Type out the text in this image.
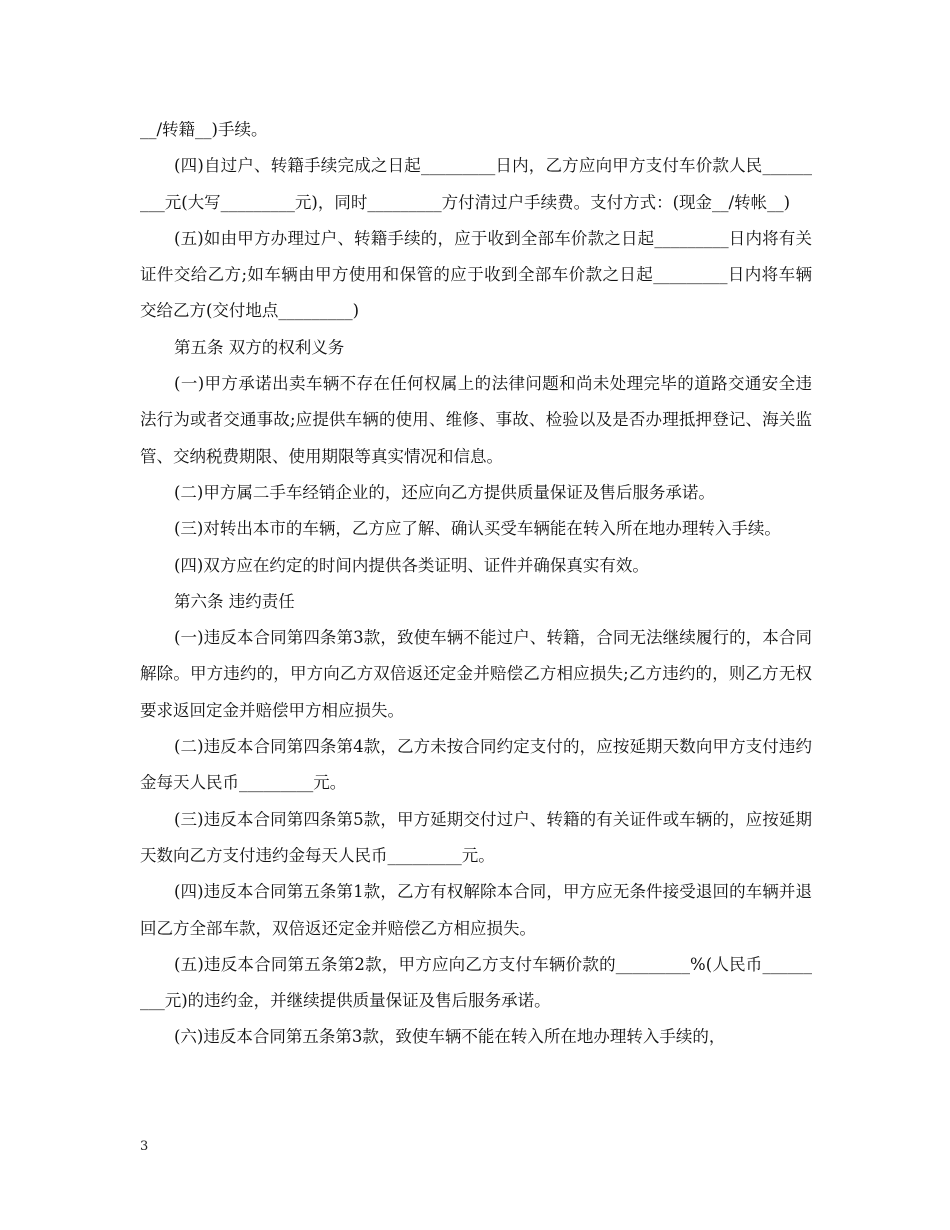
__/转籍__)手续。

(四)自过户、转籍手续完成之日起_________日内，乙方应向甲方支付车价款人民_________元(大写_________元)，同时_________方付清过户手续费。支付方式：(现金__/转帐__)

(五)如由甲方办理过户、转籍手续的，应于收到全部车价款之日起_________日内将有关证件交给乙方;如车辆由甲方使用和保管的应于收到全部车价款之日起_________日内将车辆交给乙方(交付地点_________)

第五条 双方的权利义务

(一)甲方承诺出卖车辆不存在任何权属上的法律问题和尚未处理完毕的道路交通安全违法行为或者交通事故;应提供车辆的使用、维修、事故、检验以及是否办理抵押登记、海关监管、交纳税费期限、使用期限等真实情况和信息。

(二)甲方属二手车经销企业的，还应向乙方提供质量保证及售后服务承诺。

(三)对转出本市的车辆，乙方应了解、确认买受车辆能在转入所在地办理转入手续。

(四)双方应在约定的时间内提供各类证明、证件并确保真实有效。

第六条 违约责任

(一)违反本合同第四条第3款，致使车辆不能过户、转籍，合同无法继续履行的，本合同解除。甲方违约的，甲方向乙方双倍返还定金并赔偿乙方相应损失;乙方违约的，则乙方无权要求返回定金并赔偿甲方相应损失。

(二)违反本合同第四条第4款，乙方未按合同约定支付的，应按延期天数向甲方支付违约金每天人民币_________元。

(三)违反本合同第四条第5款，甲方延期交付过户、转籍的有关证件或车辆的，应按延期天数向乙方支付违约金每天人民币_________元。

(四)违反本合同第五条第1款，乙方有权解除本合同，甲方应无条件接受退回的车辆并退回乙方全部车款，双倍返还定金并赔偿乙方相应损失。

(五)违反本合同第五条第2款，甲方应向乙方支付车辆价款的_________%(人民币_________元)的违约金，并继续提供质量保证及售后服务承诺。

(六)违反本合同第五条第3款，致使车辆不能在转入所在地办理转入手续的，

3
